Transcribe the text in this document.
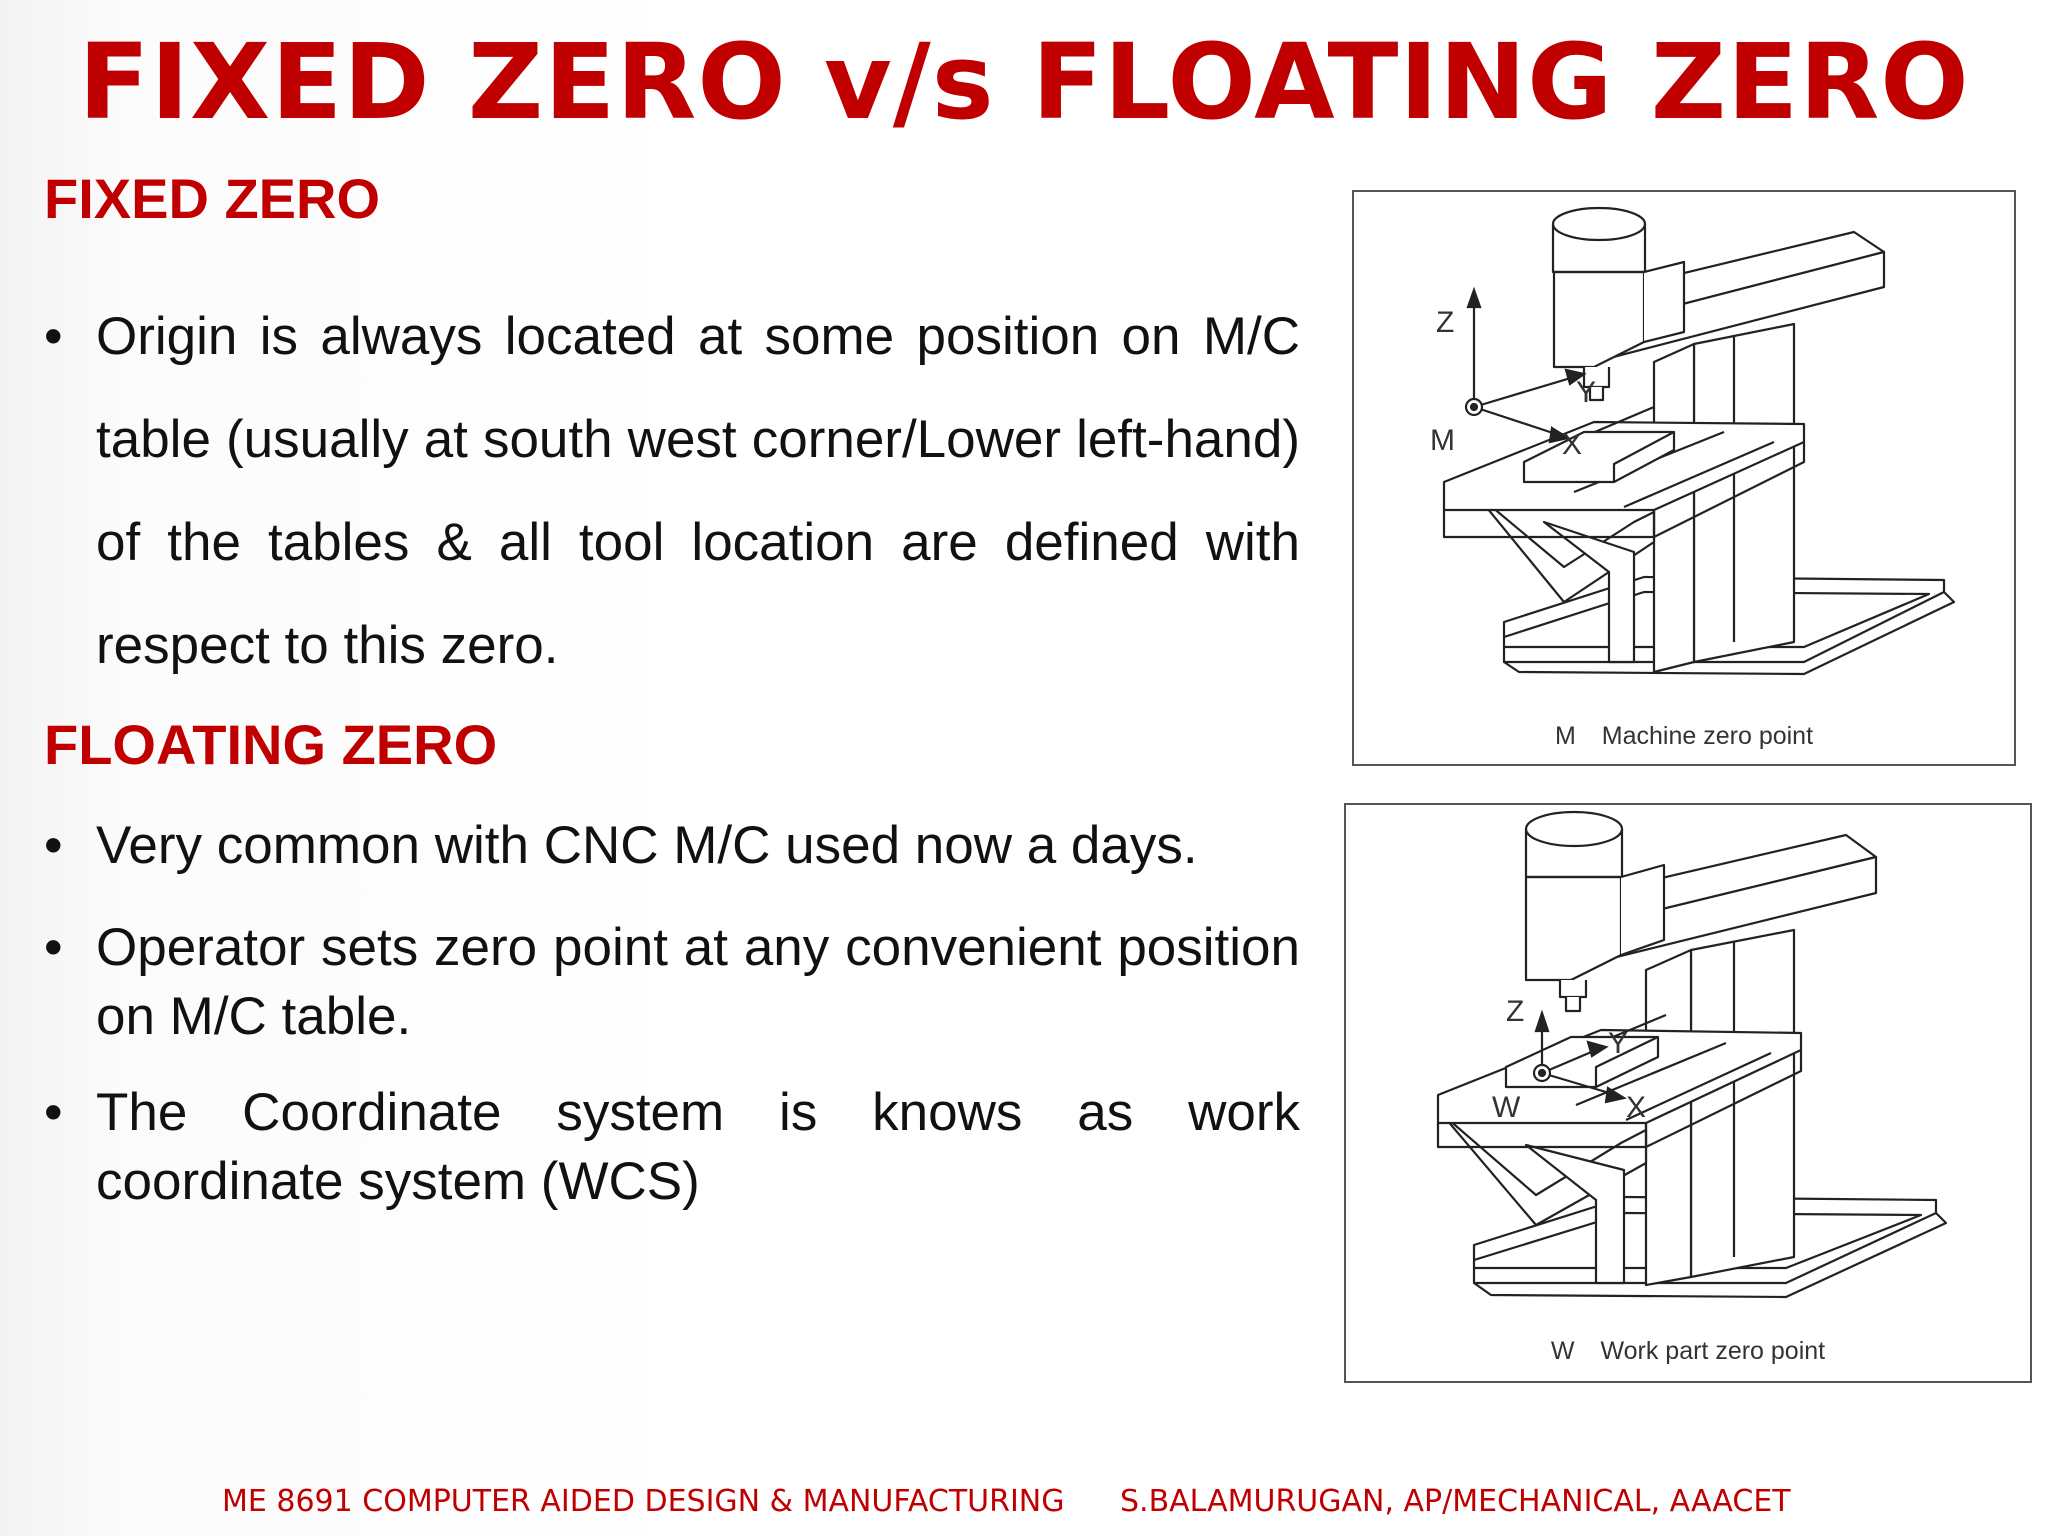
FIXED ZERO v/s FLOATING ZERO
FIXED ZERO
• Origin is always located at some position on M/C table (usually at south west corner/Lower left-hand) of the tables & all tool location are defined with respect to this zero.
FLOATING ZERO
• Very common with CNC M/C used now a days.
• Operator sets zero point at any convenient position on M/C table.
• The Coordinate system is knows as work coordinate system (WCS)
Z
Y
X
M
M Machine zero point
Z
Y
X
W
W Work part zero point
ME 8691 COMPUTER AIDED DESIGN & MANUFACTURING S.BALAMURUGAN, AP/MECHANICAL, AAACET
